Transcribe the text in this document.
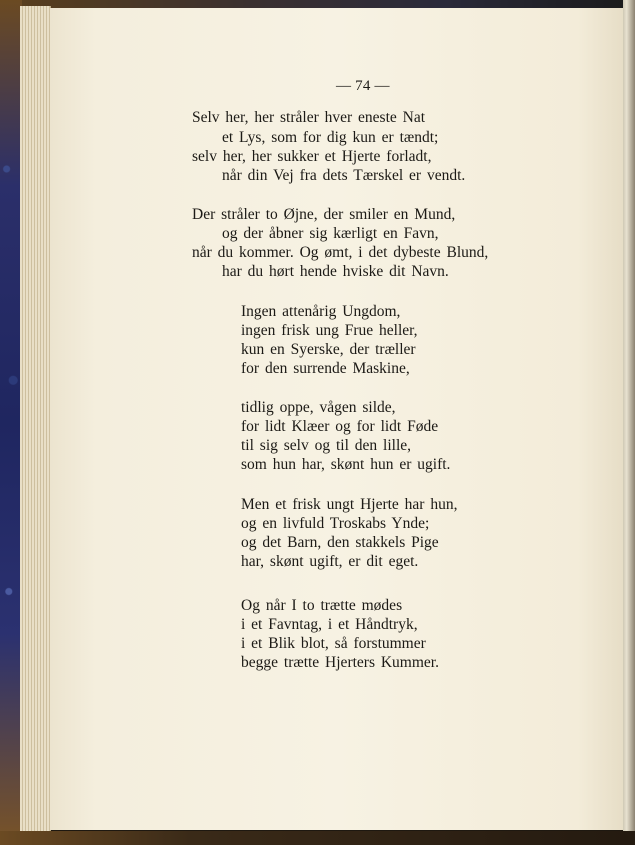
— 74 —
Selv her, her stråler hver eneste Nat
et Lys, som for dig kun er tændt;
selv her, her sukker et Hjerte forladt,
når din Vej fra dets Tærskel er vendt.
Der stråler to Øjne, der smiler en Mund,
og der åbner sig kærligt en Favn,
når du kommer. Og ømt, i det dybeste Blund,
har du hørt hende hviske dit Navn.
Ingen attenårig Ungdom,
ingen frisk ung Frue heller,
kun en Syerske, der træller
for den surrende Maskine,
tidlig oppe, vågen silde,
for lidt Klæer og for lidt Føde
til sig selv og til den lille,
som hun har, skønt hun er ugift.
Men et frisk ungt Hjerte har hun,
og en livfuld Troskabs Ynde;
og det Barn, den stakkels Pige
har, skønt ugift, er dit eget.
Og når I to trætte mødes
i et Favntag, i et Håndtryk,
i et Blik blot, så forstummer
begge trætte Hjerters Kummer.
